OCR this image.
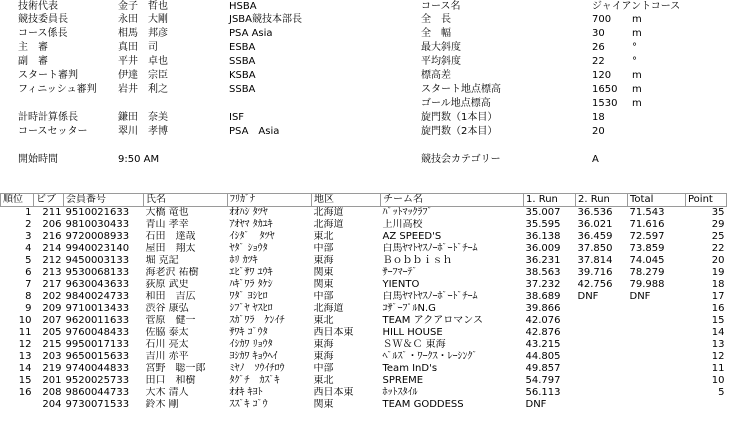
技術代表	金子　哲也	HSBA
競技委員長	永田　大剛	JSBA競技本部長
コース係長	相馬　邦彦	PSA Asia
主　審	真田　司	ESBA
副　審	平井　卓也	SSBA
スタート審判	伊達　宗臣	KSBA
フィニッシュ審判 岩井　利之	SSBA
計時計算係長	鎌田　奈美	ISF
コースセッター	翠川　孝博	PSA　Asia
開始時間	9:50 AM
コース名	ジャイアントコース
全　長	700 m
全　幅	30	m
最大斜度	26	°
平均斜度	22	°
標高差	120 m
スタート地点標高	1650 m
ゴール地点標高	1530 m
旋門数（1本目）	18
旋門数（2本目）	20
競技会カテゴリー	A
順位	ビブ	会員番号	氏名	ﾌﾘｶﾞﾅ	地区	チーム名	1. Run	2. Run	Total	Point
1	211	9510021633	大橋 竜也	ｵｵﾊｼ ﾀﾂﾔ	北海道	ﾊﾞｯﾄﾏｯｸﾗﾌﾞ	35.007	36.536	71.543	35
2	206	9810030433	青山 孝幸	ｱｵﾔﾏ ﾀｶﾕｷ	北海道	上川高校	35.595	36.021	71.616	29
3	216	9720008933	石田　達哉	ｲｼﾀﾞ　ﾀﾂﾔ	東北	AZ SPEED'S	36.138	36.459	72.597	25
4	214	9940023140	屋田　翔太	ﾔﾀﾞ ｼｮｳﾀ	中部	白馬ﾔﾏﾄﾔｽﾉｰﾎﾞｰﾄﾞﾁｰﾑ	36.009	37.850	73.859	22
5	212	9450003133	堀 克記	ﾎﾘ ｶﾂｷ	東海	Ｂｏｂｂｉｓｈ	36.231	37.814	74.045	20
6	213	9530068133	海老沢 祐樹	ｴﾋﾞｻﾜ ﾕｳｷ	関東	ｻｰﾌﾏｰﾃﾞ	38.563	39.716	78.279	19
7	217	9630043633	荻原 武史	ﾊｷﾞﾜﾗ ﾀｹｼ	関東	YIENTO	37.232	42.756	79.988	18
8	202	9840024733	和田　吉広	ﾜﾀﾞ ﾖｼﾋﾛ	中部	白馬ﾔﾏﾄﾔｽﾉｰﾎﾞｰﾄﾞﾁｰﾑ	38.689	DNF	DNF	17
9	209	9710013433	渋谷 康弘	ｼﾌﾞﾔ ﾔｽﾋﾛ	北海道	ｺｻﾞｰﾌﾟﾙN.G	39.866			16
10	207	9620011633	菅原　健一	ｽｶﾞﾜﾗ　ｹﾝｲﾁ	東北	TEAM アクアロマンス	42.076			15
11	205	9760048433	佐脇 泰太	ｻﾜｷ ｺﾞｳﾀ	西日本東	HILL HOUSE	42.876			14
12	215	9950017133	石川 亮太	ｲｼｶﾜ ﾘｮｳﾀ	東海	ＳＷ＆Ｃ 東海	43.215			13
13	203	9650015633	吉川 赤平	ﾖｼｶﾜ ｷｮｳﾍｲ	東海	ﾍﾞﾙｽﾞ・ﾜｰｸｽ・ﾚｰｼﾝｸﾞ	44.805			12
14	219	9740044833	宮野　聡一郎	ﾐﾔﾉ　ｿｳｲﾁﾛｳ	中部	Team InD's	49.857			11
15	201	9520025733	田口　和樹	ﾀｸﾞﾁ　ｶｽﾞｷ	東北	SPREME	54.797			10
16	208	9860044733	大木 清人	ｵｵｷ ｷﾖﾄ	西日本東	ﾎｯﾄｽﾀｲﾙ	56.113			5
	204	9730071533	鈴木 剛	ｽｽﾞｷ ｺﾞｳ	関東	TEAM GODDESS	DNF			
